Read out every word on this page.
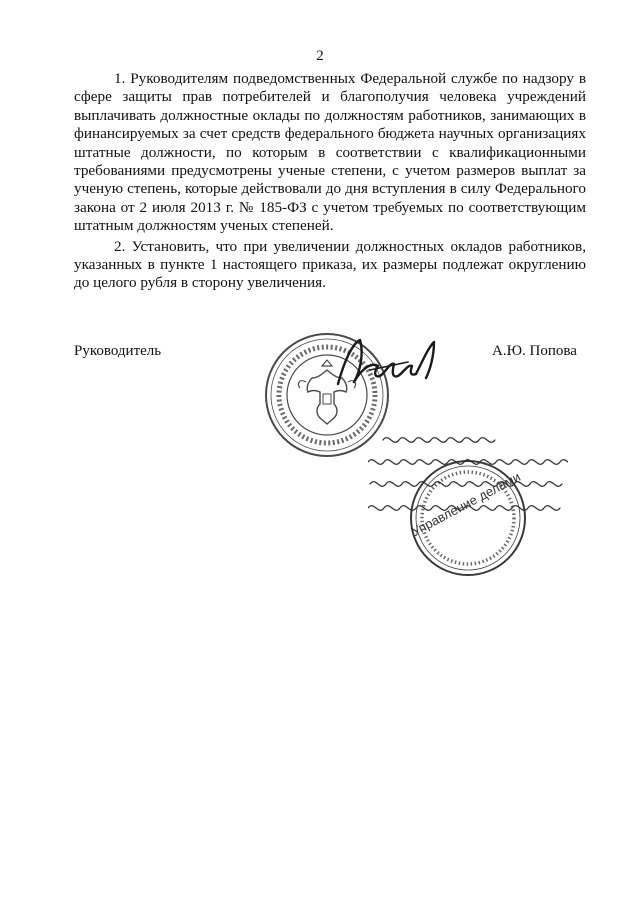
2

1. Руководителям подведомственных Федеральной службе по надзору в сфере защиты прав потребителей и благополучия человека учреждений выплачивать должностные оклады по должностям работников, занимающих в финансируемых за счет средств федерального бюджета научных организациях штатные должности, по которым в соответствии с квалификационными требованиями предусмотрены ученые степени, с учетом размеров выплат за ученую степень, которые действовали до дня вступления в силу Федерального закона от 2 июля 2013 г. № 185-ФЗ с учетом требуемых по соответствующим штатным должностям ученых степеней.

2. Установить, что при увеличении должностных окладов работников, указанных в пункте 1 настоящего приказа, их размеры подлежат округлению до целого рубля в сторону увеличения.

Руководитель	А.Ю. Попова
Управление делами
